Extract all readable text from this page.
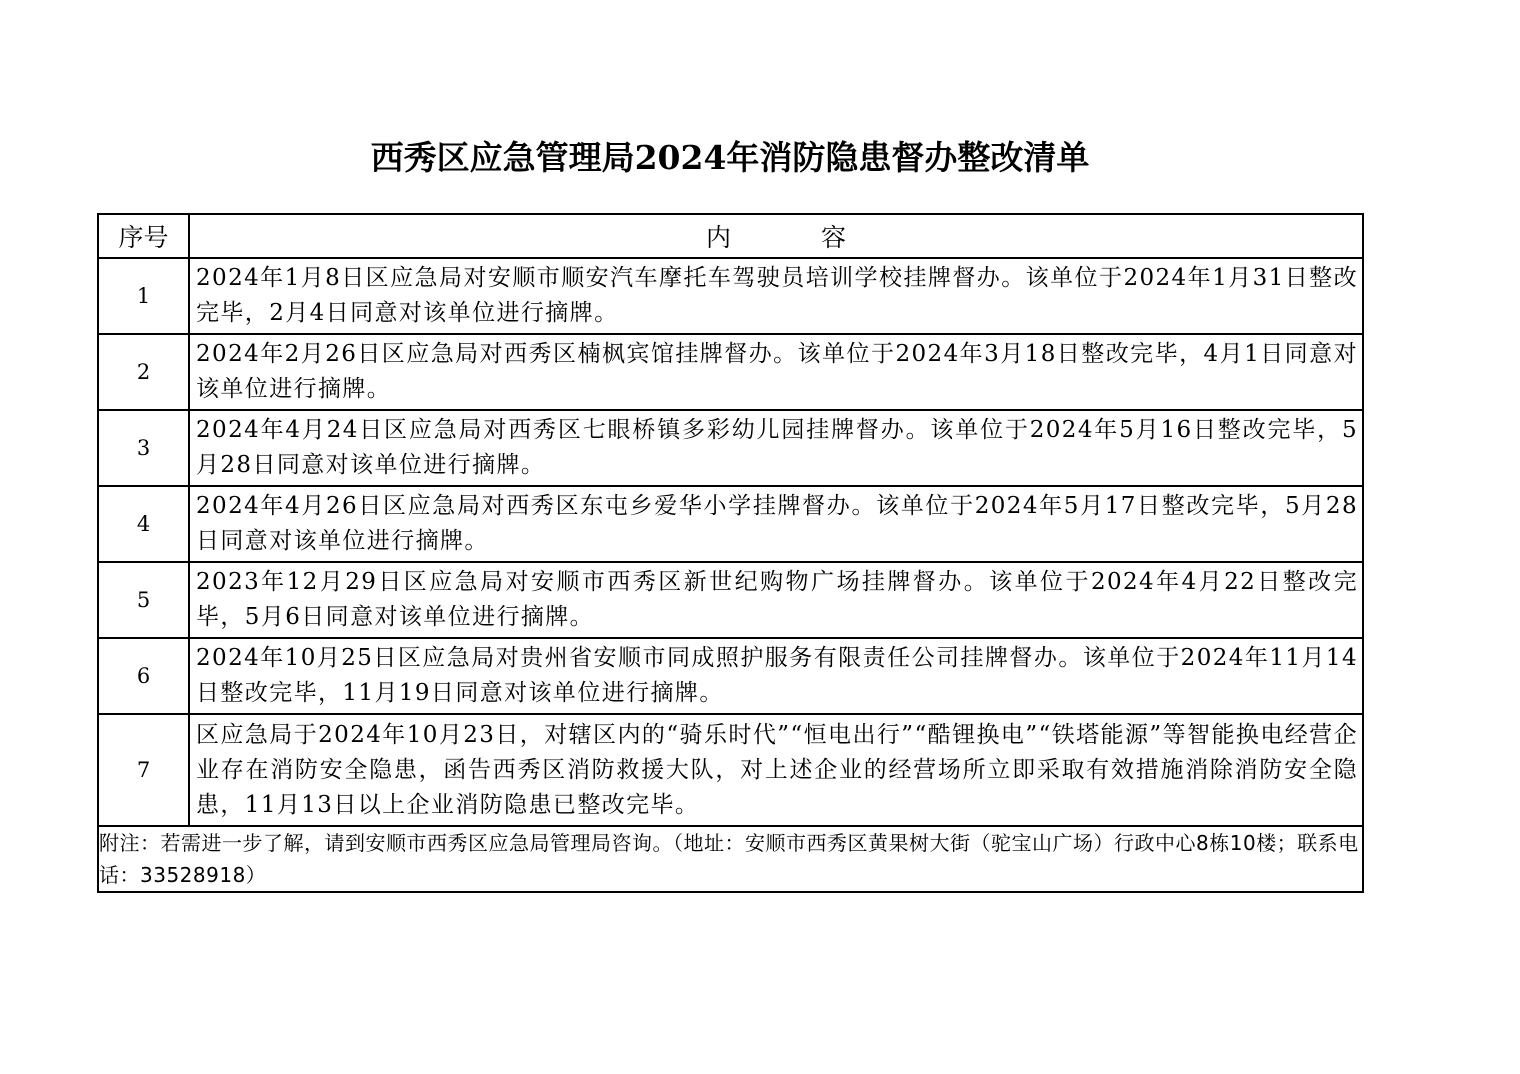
西秀区应急管理局2024年消防隐患督办整改清单
序号	内容
1	2024年1月8日区应急局对安顺市顺安汽车摩托车驾驶员培训学校挂牌督办。该单位于2024年1月31日整改完毕，2月4日同意对该单位进行摘牌。
2	2024年2月26日区应急局对西秀区楠枫宾馆挂牌督办。该单位于2024年3月18日整改完毕，4月1日同意对该单位进行摘牌。
3	2024年4月24日区应急局对西秀区七眼桥镇多彩幼儿园挂牌督办。该单位于2024年5月16日整改完毕，5月28日同意对该单位进行摘牌。
4	2024年4月26日区应急局对西秀区东屯乡爱华小学挂牌督办。该单位于2024年5月17日整改完毕，5月28日同意对该单位进行摘牌。
5	2023年12月29日区应急局对安顺市西秀区新世纪购物广场挂牌督办。该单位于2024年4月22日整改完毕，5月6日同意对该单位进行摘牌。
6	2024年10月25日区应急局对贵州省安顺市同成照护服务有限责任公司挂牌督办。该单位于2024年11月14日整改完毕，11月19日同意对该单位进行摘牌。
7	区应急局于2024年10月23日，对辖区内的“骑乐时代”“恒电出行”“酷锂换电”“铁塔能源”等智能换电经营企业存在消防安全隐患，函告西秀区消防救援大队，对上述企业的经营场所立即采取有效措施消除消防安全隐患，11月13日以上企业消防隐患已整改完毕。
附注：若需进一步了解，请到安顺市西秀区应急局管理局咨询。（地址：安顺市西秀区黄果树大街（驼宝山广场）行政中心8栋10楼；联系电话：33528918）	
